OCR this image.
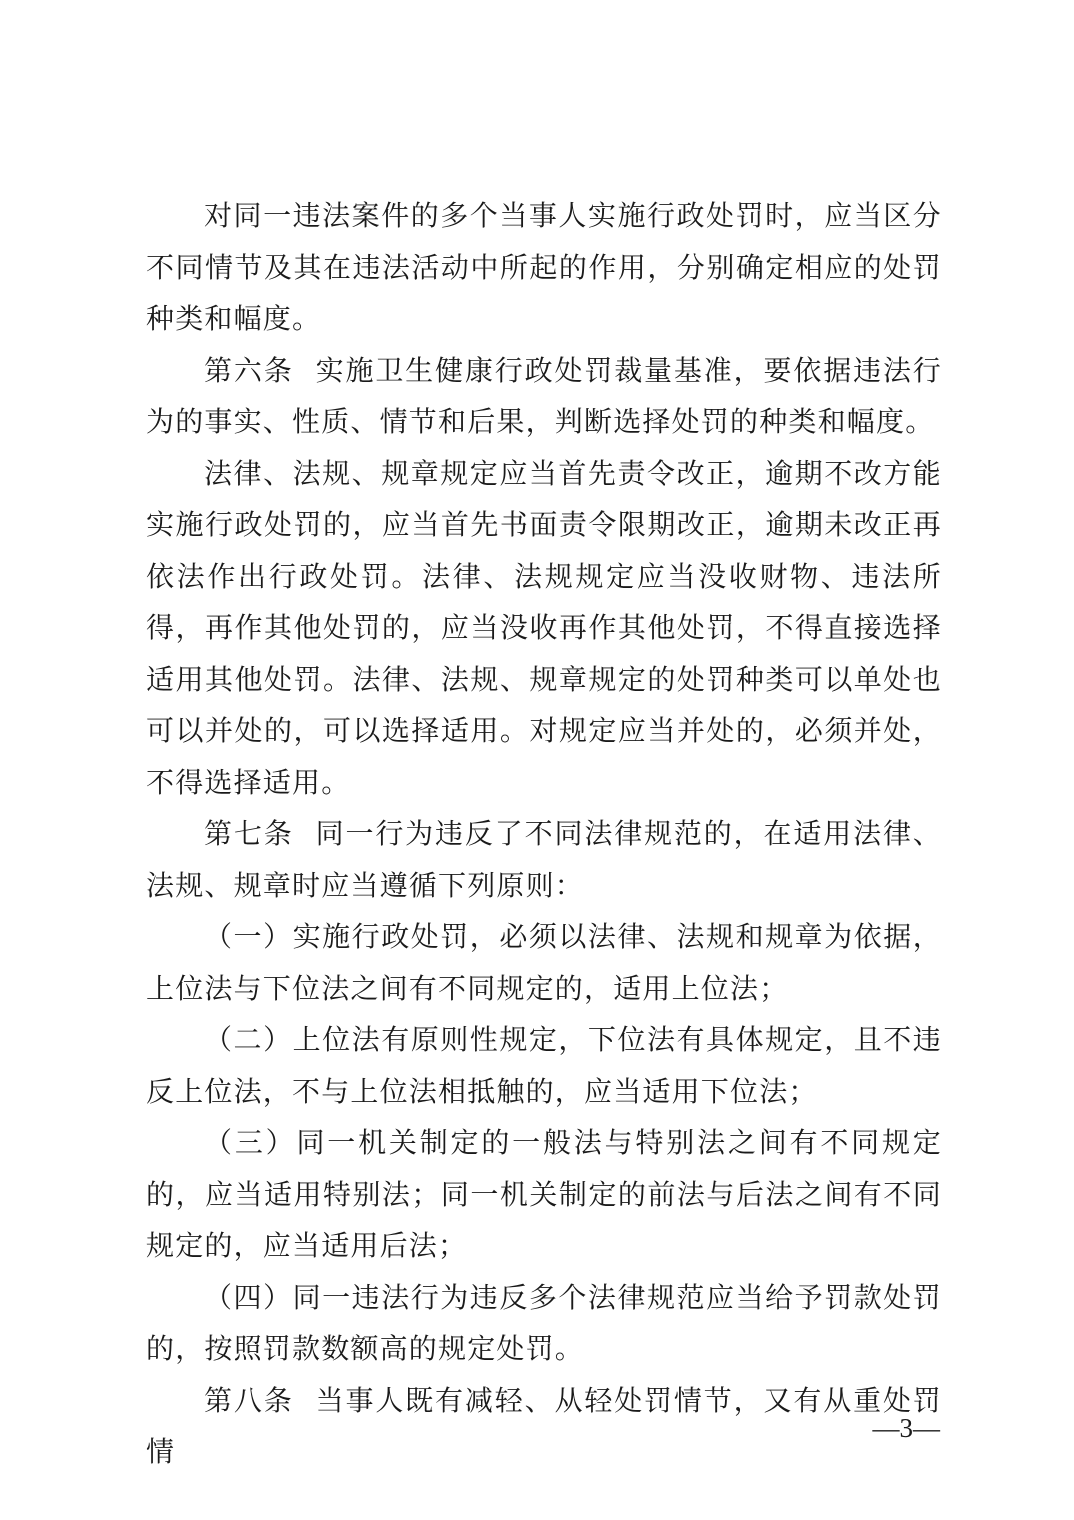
对同一违法案件的多个当事人实施行政处罚时，应当区分不同情节及其在违法活动中所起的作用，分别确定相应的处罚种类和幅度。

第六条 实施卫生健康行政处罚裁量基准，要依据违法行为的事实、性质、情节和后果，判断选择处罚的种类和幅度。

法律、法规、规章规定应当首先责令改正，逾期不改方能实施行政处罚的，应当首先书面责令限期改正，逾期未改正再依法作出行政处罚。法律、法规规定应当没收财物、违法所得，再作其他处罚的，应当没收再作其他处罚，不得直接选择适用其他处罚。法律、法规、规章规定的处罚种类可以单处也可以并处的，可以选择适用。对规定应当并处的，必须并处，不得选择适用。

第七条 同一行为违反了不同法律规范的，在适用法律、法规、规章时应当遵循下列原则：

（一）实施行政处罚，必须以法律、法规和规章为依据，上位法与下位法之间有不同规定的，适用上位法；

（二）上位法有原则性规定，下位法有具体规定，且不违反上位法，不与上位法相抵触的，应当适用下位法；

（三）同一机关制定的一般法与特别法之间有不同规定的，应当适用特别法；同一机关制定的前法与后法之间有不同规定的，应当适用后法；

（四）同一违法行为违反多个法律规范应当给予罚款处罚的，按照罚款数额高的规定处罚。

第八条 当事人既有减轻、从轻处罚情节，又有从重处罚情

—3—
